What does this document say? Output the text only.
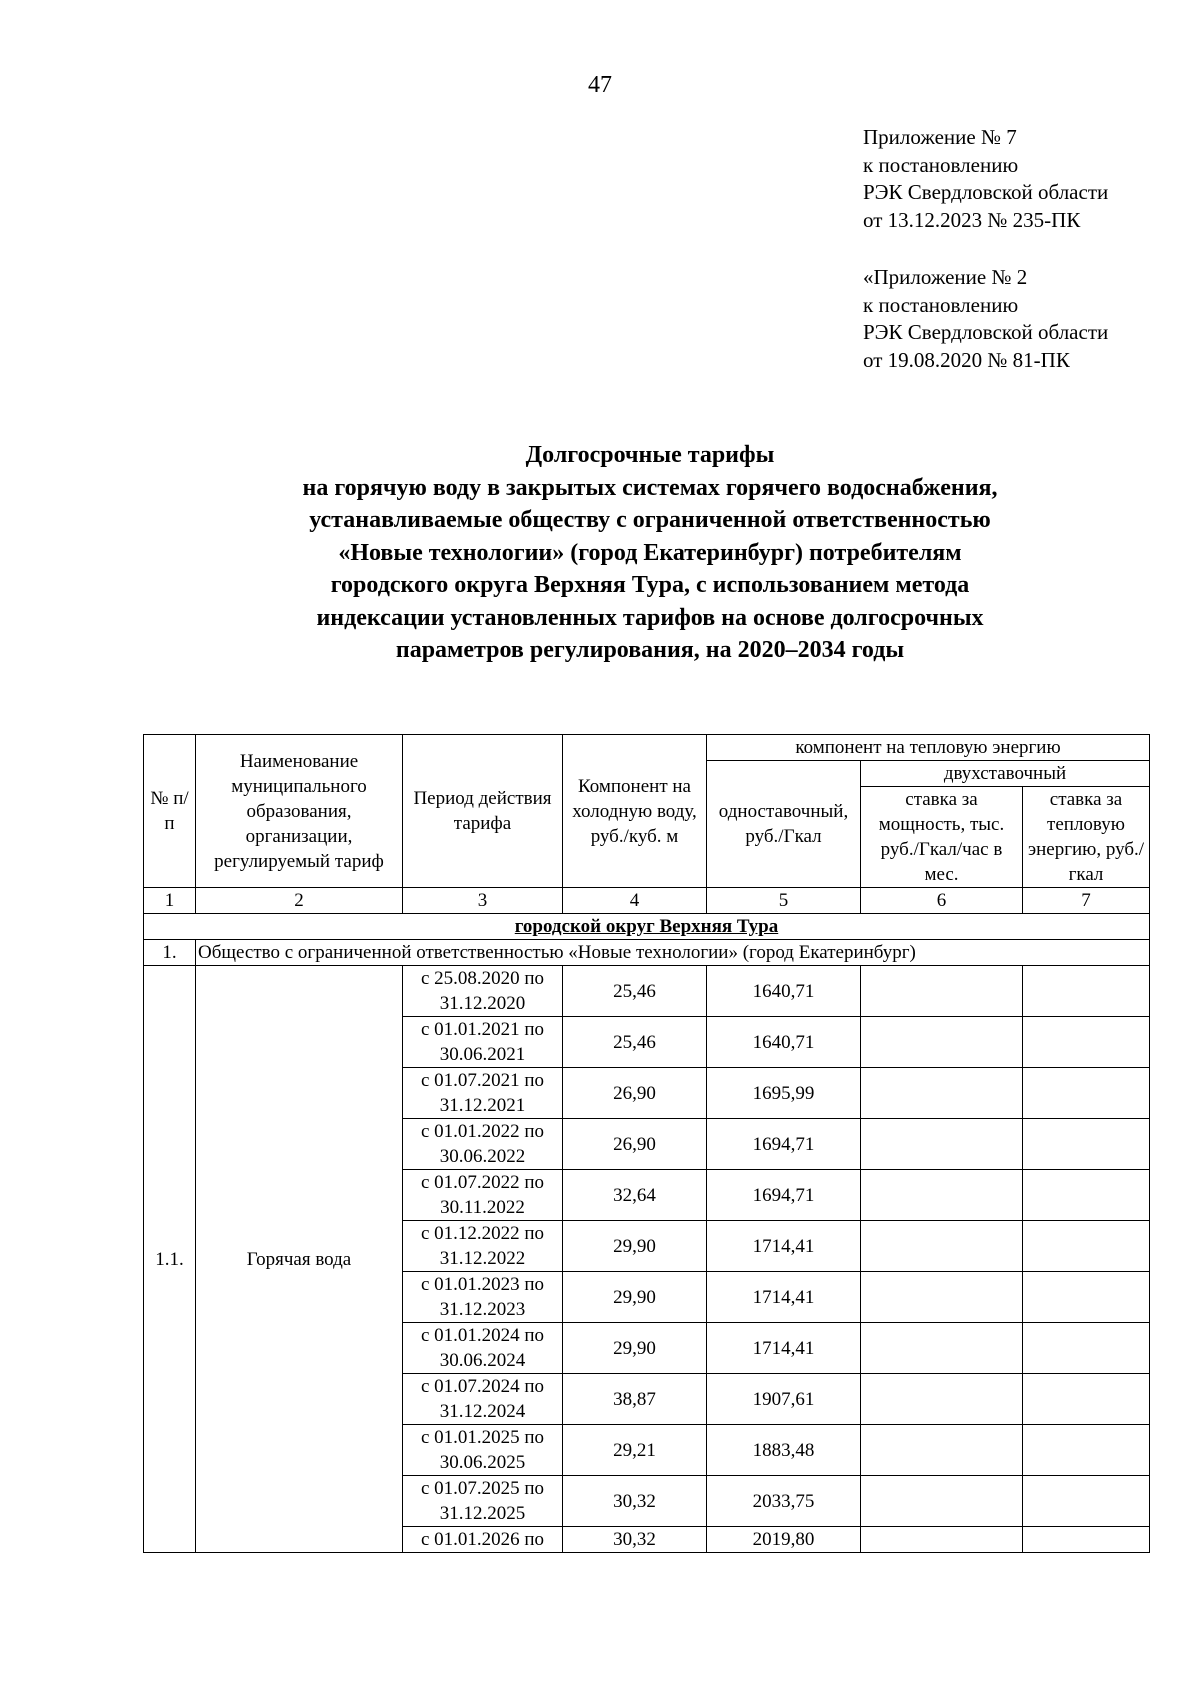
47
Приложение № 7
к постановлению
РЭК Свердловской области
от 13.12.2023 № 235-ПК
«Приложение № 2
к постановлению
РЭК Свердловской области
от 19.08.2020 № 81-ПК
Долгосрочные тарифы
на горячую воду в закрытых системах горячего водоснабжения,
устанавливаемые обществу с ограниченной ответственностью
«Новые технологии» (город Екатеринбург) потребителям
городского округа Верхняя Тура, с использованием метода
индексации установленных тарифов на основе долгосрочных
параметров регулирования, на 2020–2034 годы
№ п/п	Наименование муниципального образования, организации, регулируемый тариф	Период действия тарифа	Компонент на холодную воду, руб./куб. м	компонент на тепловую энергию		
				одноставочный, руб./Гкал	двухставочный	
					ставка за мощность, тыс. руб./Гкал/час в мес.	ставка за тепловую энергию, руб./гкал

1	2	3	4	5	6	7
городской округ Верхняя Тура						
1.	Общество с ограниченной ответственностью «Новые технологии» (город Екатеринбург)					
1.1.	Горячая вода	с 25.08.2020 по 31.12.2020	25,46	1640,71		
		с 01.01.2021 по 30.06.2021	25,46	1640,71		
		с 01.07.2021 по 31.12.2021	26,90	1695,99		
		с 01.01.2022 по 30.06.2022	26,90	1694,71		
		с 01.07.2022 по 30.11.2022	32,64	1694,71		
		с 01.12.2022 по 31.12.2022	29,90	1714,41		
		с 01.01.2023 по 31.12.2023	29,90	1714,41		
		с 01.01.2024 по 30.06.2024	29,90	1714,41		
		с 01.07.2024 по 31.12.2024	38,87	1907,61		
		с 01.01.2025 по 30.06.2025	29,21	1883,48		
		с 01.07.2025 по 31.12.2025	30,32	2033,75		
		с 01.01.2026 по	30,32	2019,80		
